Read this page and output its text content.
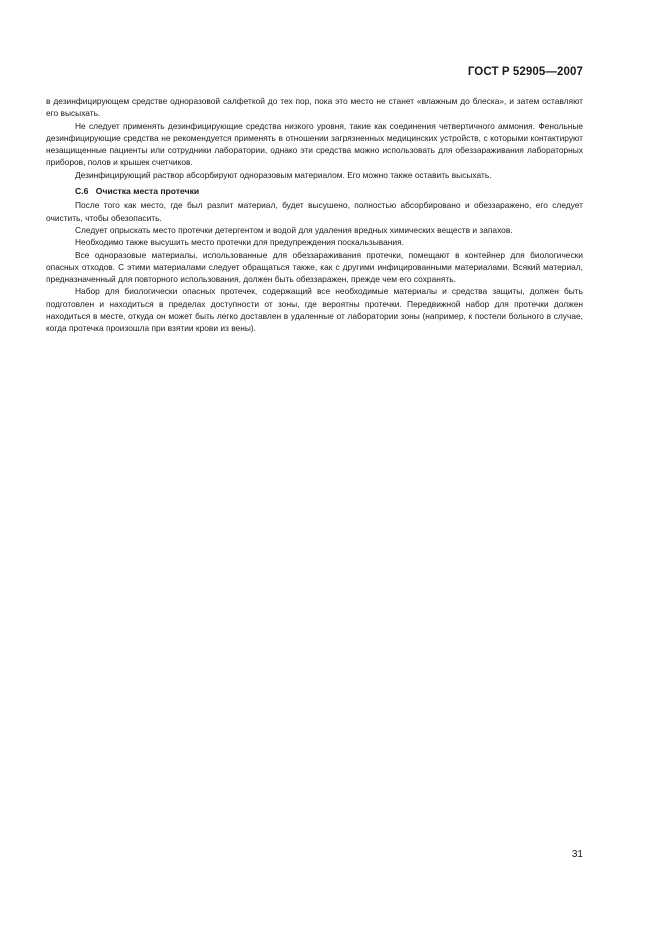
ГОСТ Р 52905—2007

в дезинфицирующем средстве одноразовой салфеткой до тех пор, пока это место не станет «влажным до блеска», и затем оставляют его высыхать.

Не следует применять дезинфицирующие средства низкого уровня, такие как соединения четвертичного аммония. Фенольные дезинфицирующие средства не рекомендуется применять в отношении загрязненных медицинских устройств, с которыми контактируют незащищенные пациенты или сотрудники лаборатории, однако эти средства можно использовать для обеззараживания лабораторных приборов, полов и крышек счетчиков.

Дезинфицирующий раствор абсорбируют одноразовым материалом. Его можно также оставить высыхать.

С.6 Очистка места протечки

После того как место, где был разлит материал, будет высушено, полностью абсорбировано и обеззаражено, его следует очистить, чтобы обезопасить.

Следует опрыскать место протечки детергентом и водой для удаления вредных химических веществ и запахов.

Необходимо также высушить место протечки для предупреждения поскальзывания.

Все одноразовые материалы, использованные для обеззараживания протечки, помещают в контейнер для биологически опасных отходов. С этими материалами следует обращаться также, как с другими инфицированными материалами. Всякий материал, предназначенный для повторного использования, должен быть обеззаражен, прежде чем его сохранять.

Набор для биологически опасных протечек, содержащий все необходимые материалы и средства защиты, должен быть подготовлен и находиться в пределах доступности от зоны, где вероятны протечки. Передвижной набор для протечки должен находиться в месте, откуда он может быть легко доставлен в удаленные от лаборатории зоны (например, к постели больного в случае, когда протечка произошла при взятии крови из вены).

31
